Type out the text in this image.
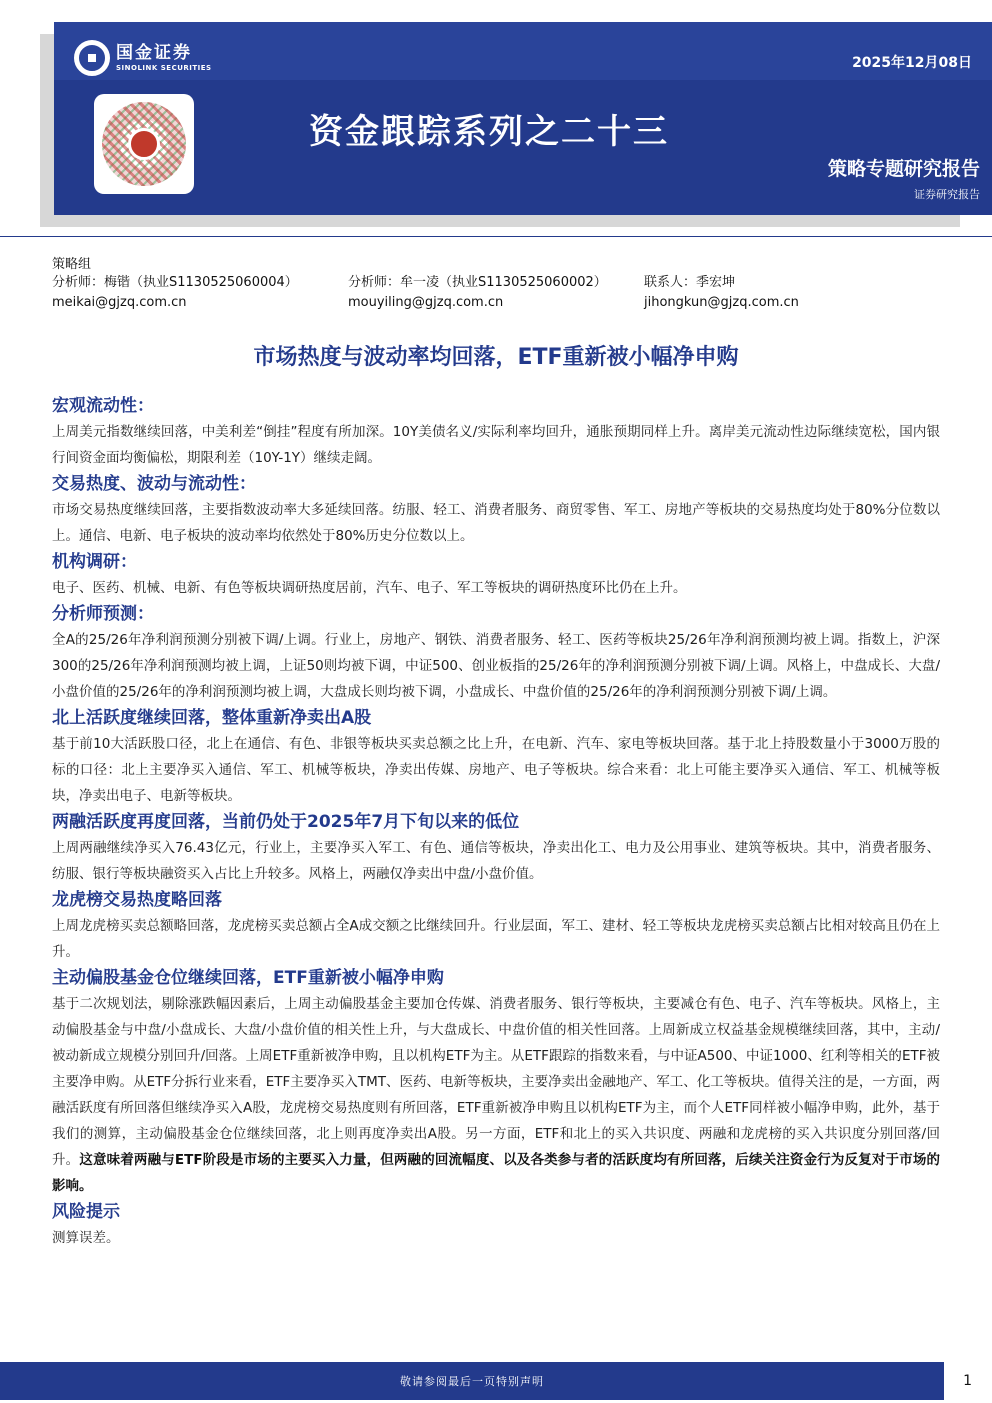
国金证券
SINOLINK SECURITIES	2025年12月08日
资金跟踪系列之二十三
策略专题研究报告
证券研究报告
策略组
分析师：梅锴（执业S1130525060004）
meikai@gjzq.com.cn
分析师：牟一凌（执业S1130525060002）
mouyiling@gjzq.com.cn
联系人：季宏坤
jihongkun@gjzq.com.cn
市场热度与波动率均回落，ETF重新被小幅净申购
宏观流动性：
上周美元指数继续回落，中美利差“倒挂”程度有所加深。10Y美债名义/实际利率均回升，通胀预期同样上升。离岸美元流动性边际继续宽松，国内银行间资金面均衡偏松，期限利差（10Y-1Y）继续走阔。
交易热度、波动与流动性：
市场交易热度继续回落，主要指数波动率大多延续回落。纺服、轻工、消费者服务、商贸零售、军工、房地产等板块的交易热度均处于80%分位数以上。通信、电新、电子板块的波动率均依然处于80%历史分位数以上。
机构调研：
电子、医药、机械、电新、有色等板块调研热度居前，汽车、电子、军工等板块的调研热度环比仍在上升。
分析师预测：
全A的25/26年净利润预测分别被下调/上调。行业上，房地产、钢铁、消费者服务、轻工、医药等板块25/26年净利润预测均被上调。指数上，沪深300的25/26年净利润预测均被上调，上证50则均被下调，中证500、创业板指的25/26年的净利润预测分别被下调/上调。风格上，中盘成长、大盘/小盘价值的25/26年的净利润预测均被上调，大盘成长则均被下调，小盘成长、中盘价值的25/26年的净利润预测分别被下调/上调。
北上活跃度继续回落，整体重新净卖出A股
基于前10大活跃股口径，北上在通信、有色、非银等板块买卖总额之比上升，在电新、汽车、家电等板块回落。基于北上持股数量小于3000万股的标的口径：北上主要净买入通信、军工、机械等板块，净卖出传媒、房地产、电子等板块。综合来看：北上可能主要净买入通信、军工、机械等板块，净卖出电子、电新等板块。
两融活跃度再度回落，当前仍处于2025年7月下旬以来的低位
上周两融继续净买入76.43亿元，行业上，主要净买入军工、有色、通信等板块，净卖出化工、电力及公用事业、建筑等板块。其中，消费者服务、纺服、银行等板块融资买入占比上升较多。风格上，两融仅净卖出中盘/小盘价值。
龙虎榜交易热度略回落
上周龙虎榜买卖总额略回落，龙虎榜买卖总额占全A成交额之比继续回升。行业层面，军工、建材、轻工等板块龙虎榜买卖总额占比相对较高且仍在上升。
主动偏股基金仓位继续回落，ETF重新被小幅净申购
基于二次规划法，剔除涨跌幅因素后，上周主动偏股基金主要加仓传媒、消费者服务、银行等板块，主要减仓有色、电子、汽车等板块。风格上，主动偏股基金与中盘/小盘成长、大盘/小盘价值的相关性上升，与大盘成长、中盘价值的相关性回落。上周新成立权益基金规模继续回落，其中，主动/被动新成立规模分别回升/回落。上周ETF重新被净申购，且以机构ETF为主。从ETF跟踪的指数来看，与中证A500、中证1000、红利等相关的ETF被主要净申购。从ETF分拆行业来看，ETF主要净买入TMT、医药、电新等板块，主要净卖出金融地产、军工、化工等板块。值得关注的是，一方面，两融活跃度有所回落但继续净买入A股，龙虎榜交易热度则有所回落，ETF重新被净申购且以机构ETF为主，而个人ETF同样被小幅净申购，此外，基于我们的测算，主动偏股基金仓位继续回落，北上则再度净卖出A股。另一方面，ETF和北上的买入共识度、两融和龙虎榜的买入共识度分别回落/回升。这意味着两融与ETF阶段是市场的主要买入力量，但两融的回流幅度、以及各类参与者的活跃度均有所回落，后续关注资金行为反复对于市场的影响。
风险提示
测算误差。
敬请参阅最后一页特别声明	1
